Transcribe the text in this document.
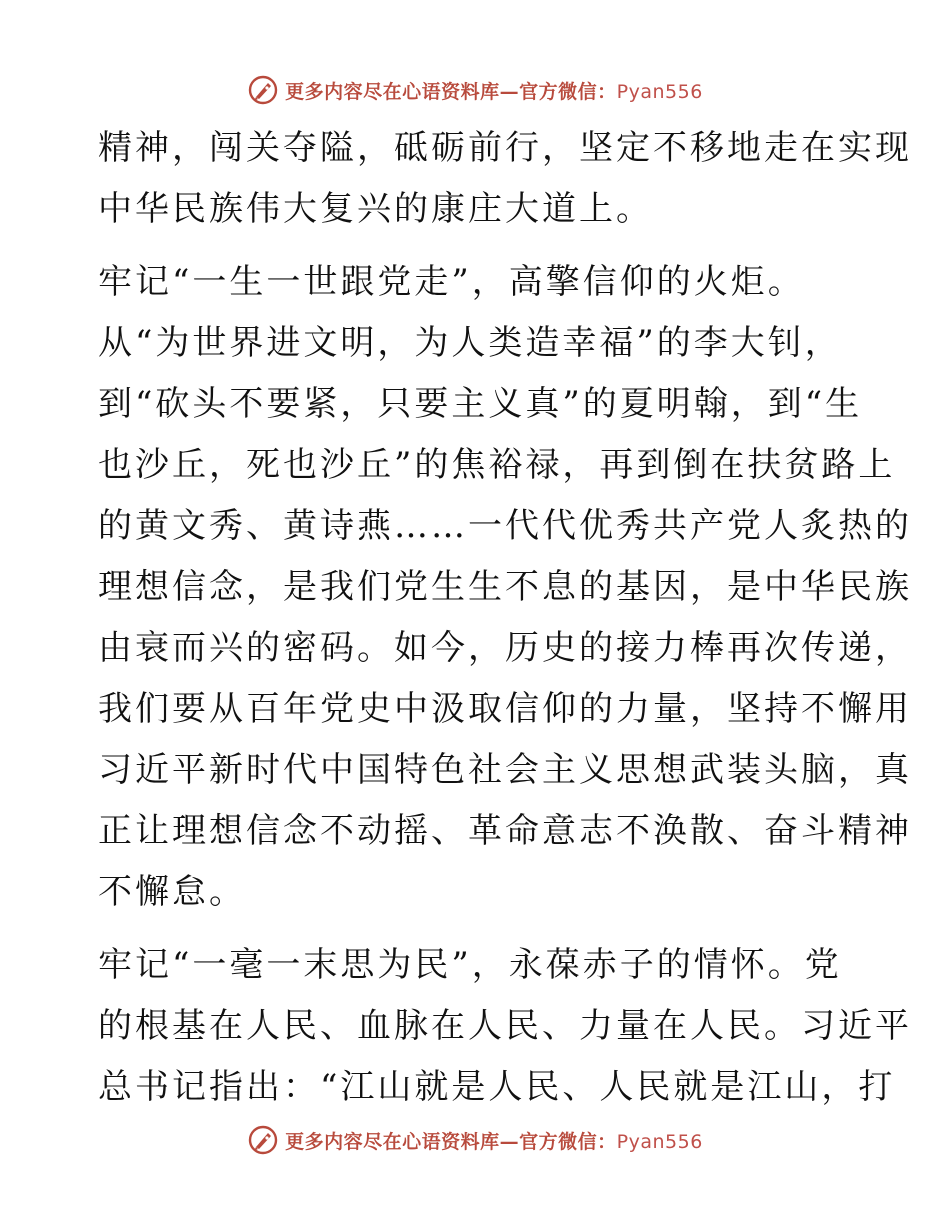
更多内容尽在心语资料库—官方微信：Pyan556
精神，闯关夺隘，砥砺前行，坚定不移地走在实现
中华民族伟大复兴的康庄大道上。
牢记“一生一世跟党走”，高擎信仰的火炬。
从“为世界进文明，为人类造幸福”的李大钊，
到“砍头不要紧，只要主义真”的夏明翰，到“生
也沙丘，死也沙丘”的焦裕禄，再到倒在扶贫路上
的黄文秀、黄诗燕……一代代优秀共产党人炙热的
理想信念，是我们党生生不息的基因，是中华民族
由衰而兴的密码。如今，历史的接力棒再次传递，
我们要从百年党史中汲取信仰的力量，坚持不懈用
习近平新时代中国特色社会主义思想武装头脑，真
正让理想信念不动摇、革命意志不涣散、奋斗精神
不懈怠。
牢记“一毫一末思为民”，永葆赤子的情怀。党
的根基在人民、血脉在人民、力量在人民。习近平
总书记指出：“江山就是人民、人民就是江山，打
更多内容尽在心语资料库—官方微信：Pyan556
